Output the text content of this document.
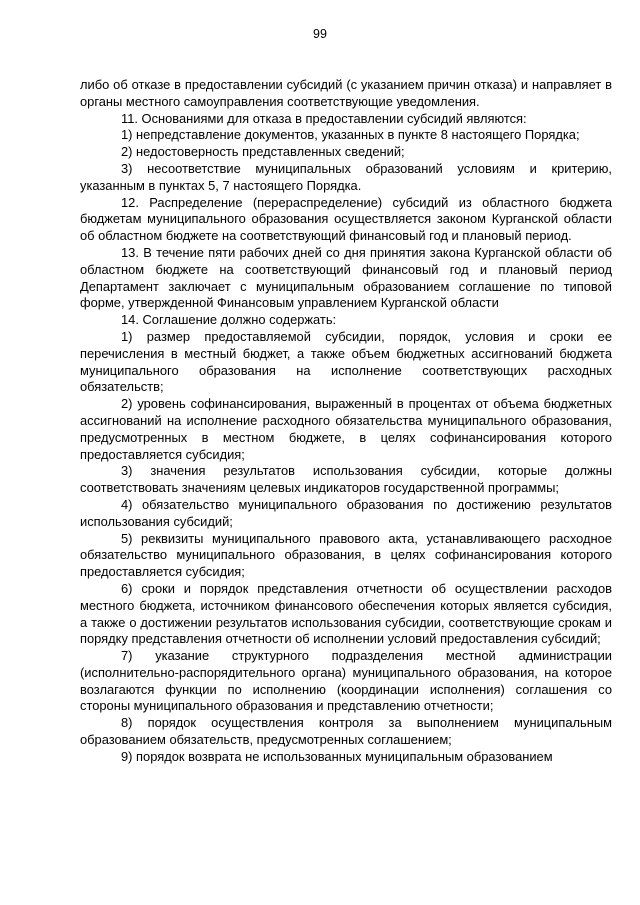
99

либо об отказе в предоставлении субсидий (с указанием причин отказа) и направляет в органы местного самоуправления соответствующие уведомления.

11. Основаниями для отказа в предоставлении субсидий являются:

1) непредставление документов, указанных в пункте 8 настоящего Порядка;

2) недостоверность представленных сведений;

3) несоответствие муниципальных образований условиям и критерию, указанным в пунктах 5, 7 настоящего Порядка.

12. Распределение (перераспределение) субсидий из областного бюджета бюджетам муниципального образования осуществляется законом Курганской области об областном бюджете на соответствующий финансовый год и плановый период.

13. В течение пяти рабочих дней со дня принятия закона Курганской области об областном бюджете на соответствующий финансовый год и плановый период Департамент заключает с муниципальным образованием соглашение по типовой форме, утвержденной Финансовым управлением Курганской области

14. Соглашение должно содержать:

1) размер предоставляемой субсидии, порядок, условия и сроки ее перечисления в местный бюджет, а также объем бюджетных ассигнований бюджета муниципального образования на исполнение соответствующих расходных обязательств;

2) уровень софинансирования, выраженный в процентах от объема бюджетных ассигнований на исполнение расходного обязательства муниципального образования, предусмотренных в местном бюджете, в целях софинансирования которого предоставляется субсидия;

3) значения результатов использования субсидии, которые должны соответствовать значениям целевых индикаторов государственной программы;

4) обязательство муниципального образования по достижению результатов использования субсидий;

5) реквизиты муниципального правового акта, устанавливающего расходное обязательство муниципального образования, в целях софинансирования которого предоставляется субсидия;

6) сроки и порядок представления отчетности об осуществлении расходов местного бюджета, источником финансового обеспечения которых является субсидия, а также о достижении результатов использования субсидии, соответствующие срокам и порядку представления отчетности об исполнении условий предоставления субсидий;

7) указание структурного подразделения местной администрации (исполнительно-распорядительного органа) муниципального образования, на которое возлагаются функции по исполнению (координации исполнения) соглашения со стороны муниципального образования и представлению отчетности;

8) порядок осуществления контроля за выполнением муниципальным образованием обязательств, предусмотренных соглашением;

9) порядок возврата не использованных муниципальным образованием
